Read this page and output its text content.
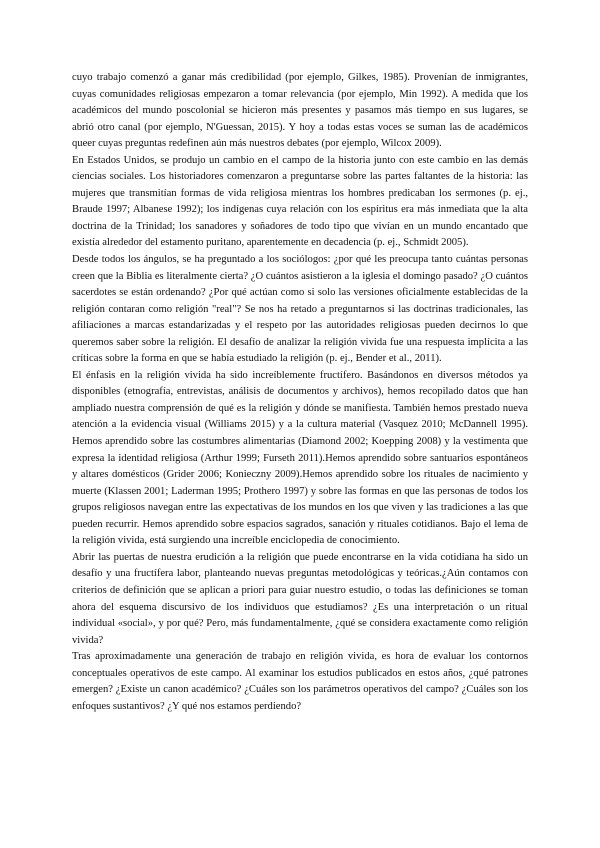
cuyo trabajo comenzó a ganar más credibilidad (por ejemplo, Gilkes, 1985). Provenían de inmigrantes, cuyas comunidades religiosas empezaron a tomar relevancia (por ejemplo, Min 1992). A medida que los académicos del mundo poscolonial se hicieron más presentes y pasamos más tiempo en sus lugares, se abrió otro canal (por ejemplo, N'Guessan, 2015). Y hoy a todas estas voces se suman las de académicos queer cuyas preguntas redefinen aún más nuestros debates (por ejemplo, Wilcox 2009).

En Estados Unidos, se produjo un cambio en el campo de la historia junto con este cambio en las demás ciencias sociales. Los historiadores comenzaron a preguntarse sobre las partes faltantes de la historia: las mujeres que transmitían formas de vida religiosa mientras los hombres predicaban los sermones (p. ej., Braude 1997; Albanese 1992); los indígenas cuya relación con los espíritus era más inmediata que la alta doctrina de la Trinidad; los sanadores y soñadores de todo tipo que vivían en un mundo encantado que existía alrededor del estamento puritano, aparentemente en decadencia (p. ej., Schmidt 2005).

Desde todos los ángulos, se ha preguntado a los sociólogos: ¿por qué les preocupa tanto cuántas personas creen que la Biblia es literalmente cierta? ¿O cuántos asistieron a la iglesia el domingo pasado? ¿O cuántos sacerdotes se están ordenando? ¿Por qué actúan como si solo las versiones oficialmente establecidas de la religión contaran como religión "real"? Se nos ha retado a preguntarnos si las doctrinas tradicionales, las afiliaciones a marcas estandarizadas y el respeto por las autoridades religiosas pueden decirnos lo que queremos saber sobre la religión. El desafío de analizar la religión vivida fue una respuesta implícita a las críticas sobre la forma en que se había estudiado la religión (p. ej., Bender et al., 2011).

El énfasis en la religión vivida ha sido increíblemente fructífero. Basándonos en diversos métodos ya disponibles (etnografía, entrevistas, análisis de documentos y archivos), hemos recopilado datos que han ampliado nuestra comprensión de qué es la religión y dónde se manifiesta. También hemos prestado nueva atención a la evidencia visual (Williams 2015) y a la cultura material (Vasquez 2010; McDannell 1995). Hemos aprendido sobre las costumbres alimentarias (Diamond 2002; Koepping 2008) y la vestimenta que expresa la identidad religiosa (Arthur 1999; Furseth 2011).Hemos aprendido sobre santuarios espontáneos y altares domésticos (Grider 2006; Konieczny 2009).Hemos aprendido sobre los rituales de nacimiento y muerte (Klassen 2001; Laderman 1995; Prothero 1997) y sobre las formas en que las personas de todos los grupos religiosos navegan entre las expectativas de los mundos en los que viven y las tradiciones a las que pueden recurrir. Hemos aprendido sobre espacios sagrados, sanación y rituales cotidianos. Bajo el lema de la religión vivida, está surgiendo una increíble enciclopedia de conocimiento.

Abrir las puertas de nuestra erudición a la religión que puede encontrarse en la vida cotidiana ha sido un desafío y una fructífera labor, planteando nuevas preguntas metodológicas y teóricas.¿Aún contamos con criterios de definición que se aplican a priori para guiar nuestro estudio, o todas las definiciones se toman ahora del esquema discursivo de los individuos que estudiamos? ¿Es una interpretación o un ritual individual «social», y por qué? Pero, más fundamentalmente, ¿qué se considera exactamente como religión vivida?

Tras aproximadamente una generación de trabajo en religión vivida, es hora de evaluar los contornos conceptuales operativos de este campo. Al examinar los estudios publicados en estos años, ¿qué patrones emergen? ¿Existe un canon académico? ¿Cuáles son los parámetros operativos del campo? ¿Cuáles son los enfoques sustantivos? ¿Y qué nos estamos perdiendo?
